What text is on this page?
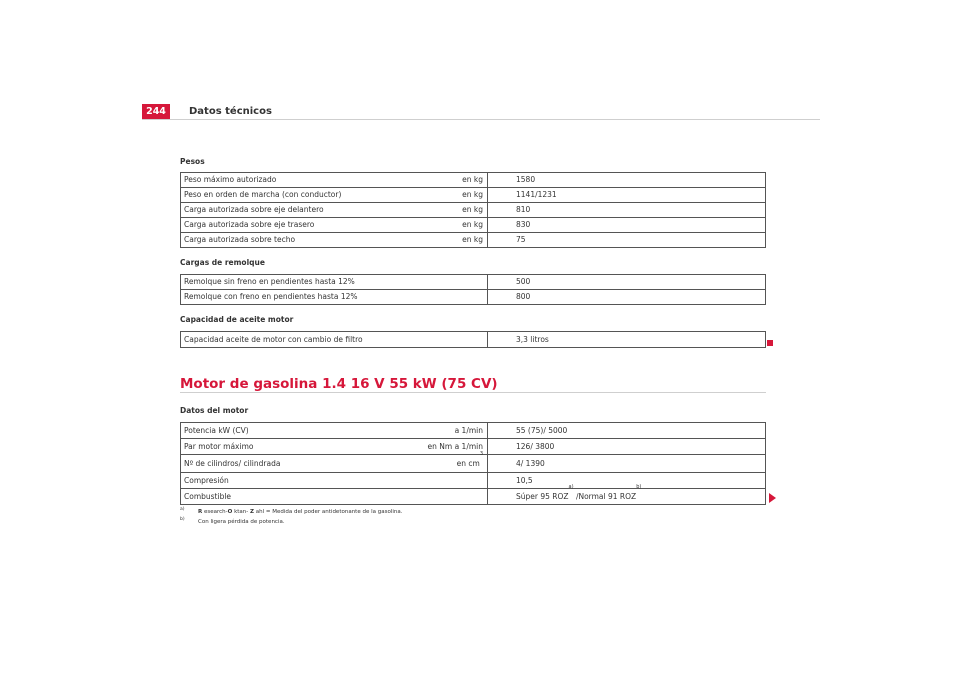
244	Datos técnicos
Pesos
Peso máximo autorizado	en kg	1580
Peso en orden de marcha (con conductor)	en kg	1141/1231
Carga autorizada sobre eje delantero	en kg	810
Carga autorizada sobre eje trasero	en kg	830
Carga autorizada sobre techo	en kg	75
Cargas de remolque
Remolque sin freno en pendientes hasta 12%	500
Remolque con freno en pendientes hasta 12%	800
Capacidad de aceite motor
Capacidad aceite de motor con cambio de filtro	3,3 litros
Motor de gasolina 1.4 16 V 55 kW (75 CV)
Datos del motor
Potencia kW (CV)	a 1/min	55 (75)/ 5000
Par motor máximo	en Nm a 1/min	126/ 3800
Nº de cilindros/ cilindrada	en $cm^3$	4/ 1390
Compresión		10,5
Combustible		Súper 95 ROZ$^{a)}$ /Normal 91 ROZ$^{b)}$
$^{a)}$ R esearch-O ktan- Z ahl = Medida del poder antidetonante de la gasolina.
$^{b)}$ Con ligera pérdida de potencia.
